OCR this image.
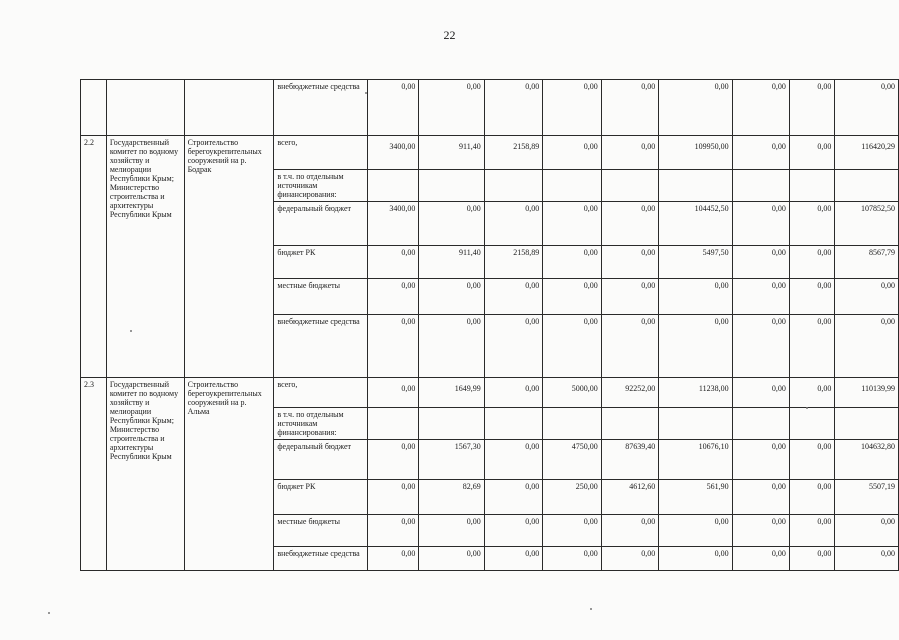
22
			внебюджетные средства	0,00	0,00	0,00	0,00	0,00	0,00	0,00	0,00	0,00
2.2	Государственный комитет по водному хозяйству и мелиорации Республики Крым; Министерство строительства и архитектуры Республики Крым	Строительство берегоукрепительных сооружений на р. Бодрак	всего,	3400,00	911,40	2158,89	0,00	0,00	109950,00	0,00	0,00	116420,29
			в т.ч. по отдельным источникам финансирования:									
			федеральный бюджет	3400,00	0,00	0,00	0,00	0,00	104452,50	0,00	0,00	107852,50
			бюджет РК	0,00	911,40	2158,89	0,00	0,00	5497,50	0,00	0,00	8567,79
			местные бюджеты	0,00	0,00	0,00	0,00	0,00	0,00	0,00	0,00	0,00
			внебюджетные средства	0,00	0,00	0,00	0,00	0,00	0,00	0,00	0,00	0,00
2.3	Государственный комитет по водному хозяйству и мелиорации Республики Крым; Министерство строительства и архитектуры Республики Крым	Строительство берегоукрепительных сооружений на р. Альма	всего,	0,00	1649,99	0,00	5000,00	92252,00	11238,00	0,00	0,00	110139,99
			в т.ч. по отдельным источникам финансирования:									
			федеральный бюджет	0,00	1567,30	0,00	4750,00	87639,40	10676,10	0,00	0,00	104632,80
			бюджет РК	0,00	82,69	0,00	250,00	4612,60	561,90	0,00	0,00	5507,19
			местные бюджеты	0,00	0,00	0,00	0,00	0,00	0,00	0,00	0,00	0,00
			внебюджетные средства	0,00	0,00	0,00	0,00	0,00	0,00	0,00	0,00	0,00
